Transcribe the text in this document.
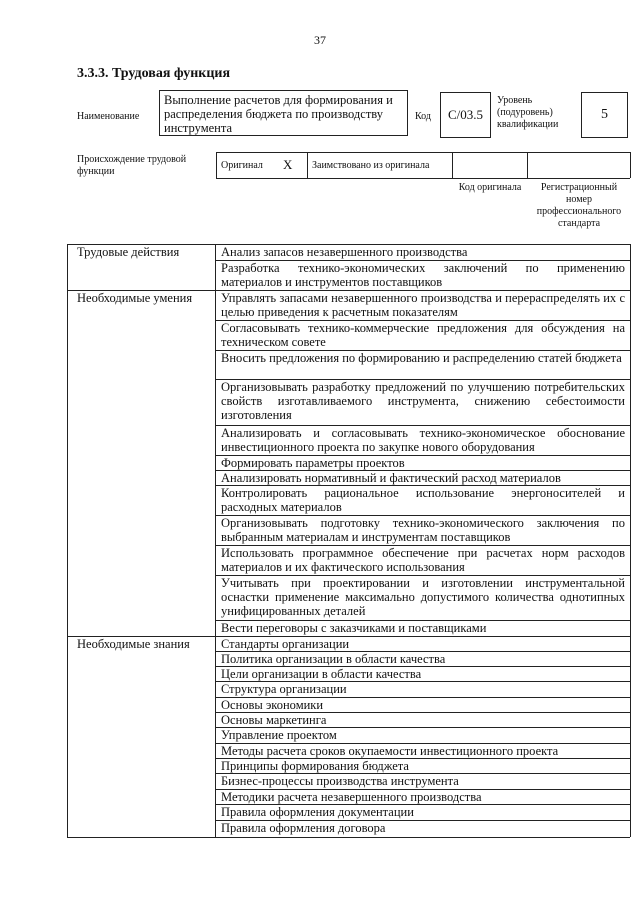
37
3.3.3. Трудовая функция
Наименование
Выполнение расчетов для формирования и распределения бюджета по производству инструмента
Код	C/03.5
Уровень (подуровень) квалификации
5
Происхождение трудовой функции
Оригинал X Заимствовано из оригинала
Код оригинала	Регистрационный номер профессионального стандарта
Трудовые действия
Необходимые умения
Необходимые знания
Анализ запасов незавершенного производства
Разработка технико-экономических заключений по применению материалов и инструментов поставщиков
Управлять запасами незавершенного производства и перераспределять их с целью приведения к расчетным показателям
Согласовывать технико-коммерческие предложения для обсуждения на техническом совете
Вносить предложения по формированию и распределению статей бюджета
Организовывать разработку предложений по улучшению потребительских свойств изготавливаемого инструмента, снижению себестоимости изготовления
Анализировать и согласовывать технико-экономическое обоснование инвестиционного проекта по закупке нового оборудования
Формировать параметры проектов
Анализировать нормативный и фактический расход материалов
Контролировать рациональное использование энергоносителей и расходных материалов
Организовывать подготовку технико-экономического заключения по выбранным материалам и инструментам поставщиков
Использовать программное обеспечение при расчетах норм расходов материалов и их фактического использования
Учитывать при проектировании и изготовлении инструментальной оснастки применение максимально допустимого количества однотипных унифицированных деталей
Вести переговоры с заказчиками и поставщиками
Стандарты организации
Политика организации в области качества
Цели организации в области качества
Структура организации
Основы экономики
Основы маркетинга
Управление проектом
Методы расчета сроков окупаемости инвестиционного проекта
Принципы формирования бюджета
Бизнес-процессы производства инструмента
Методики расчета незавершенного производства
Правила оформления документации
Правила оформления договора
